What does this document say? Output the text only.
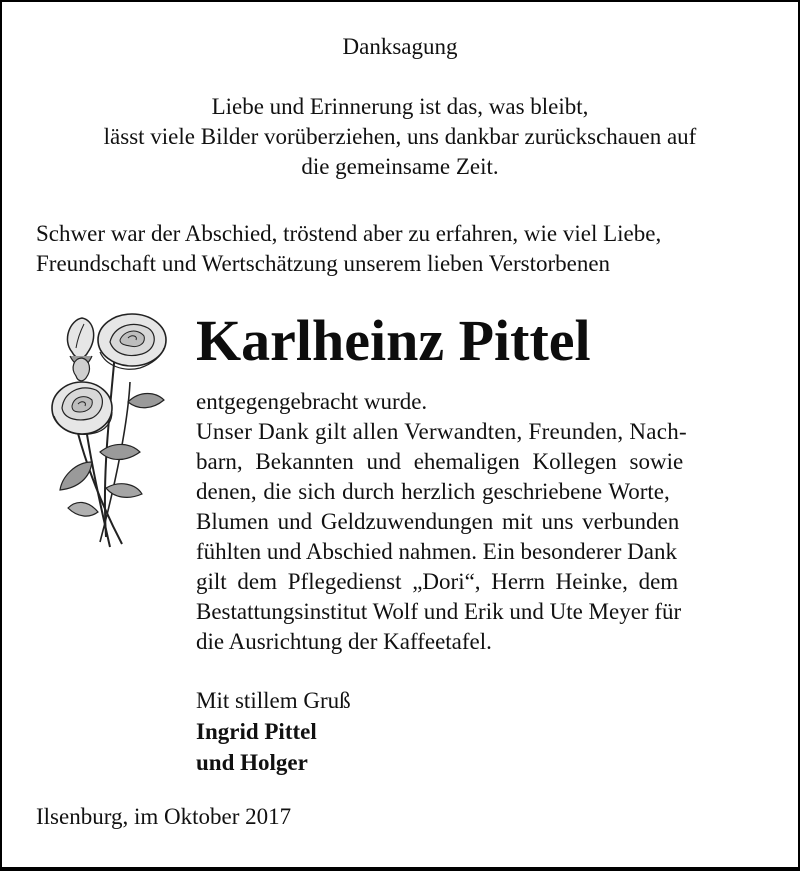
Danksagung

Liebe und Erinnerung ist das, was bleibt,
lässt viele Bilder vorüberziehen, uns dankbar zurückschauen auf
die gemeinsame Zeit.

Schwer war der Abschied, tröstend aber zu erfahren, wie viel Liebe,
Freundschaft und Wertschätzung unserem lieben Verstorbenen

Karlheinz Pittel
entgegengebracht wurde.
Unser Dank gilt allen Verwandten, Freunden, Nach-
barn, Bekannten und ehemaligen Kollegen sowie
denen, die sich durch herzlich geschriebene Worte,
Blumen und Geldzuwendungen mit uns verbunden
fühlten und Abschied nahmen. Ein besonderer Dank
gilt dem Pflegedienst „Dori“, Herrn Heinke, dem
Bestattungsinstitut Wolf und Erik und Ute Meyer für
die Ausrichtung der Kaffeetafel.
Mit stillem Gruß
Ingrid Pittel
und Holger

Ilsenburg, im Oktober 2017
